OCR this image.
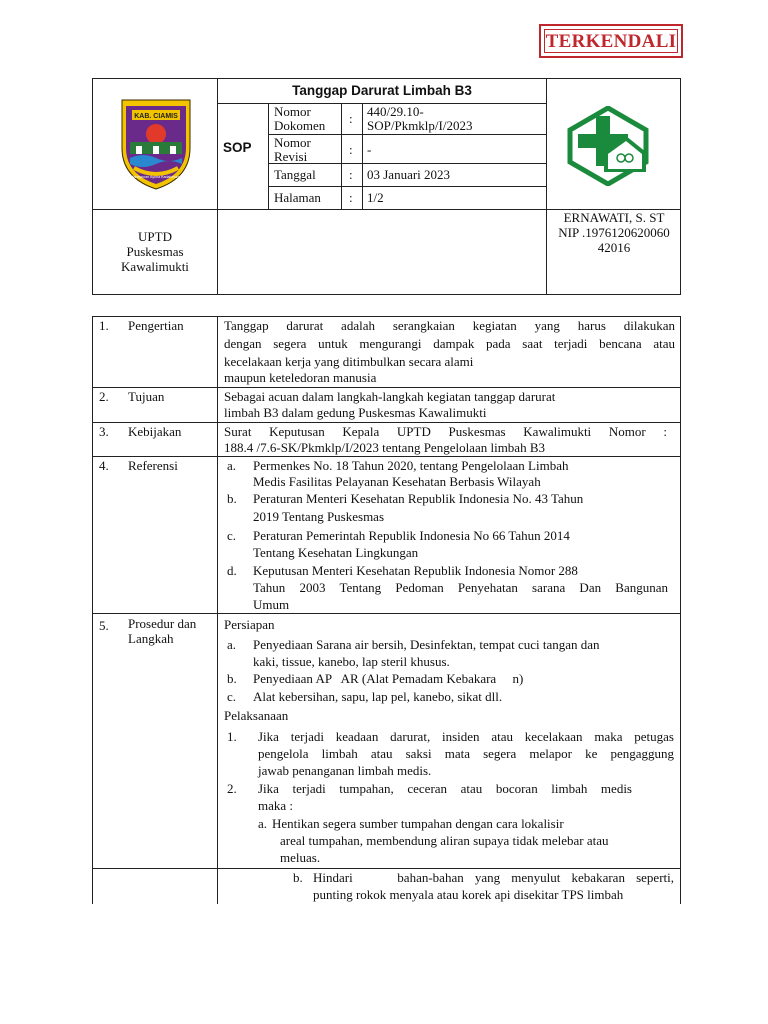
TERKENDALI
Tanggap Darurat Limbah B3
SOP
Nomor
Dokomen : 440/29.10-
SOP/Pkmklp/I/2023
Nomor
Revisi	: -
Tanggal	: 03 Januari 2023
Halaman : 1/2
UPTD
Puskesmas
Kawalimukti
ERNAWATI, S. ST
NIP .1976120620060
42016
KAB. CIAMIS
Mahayunan Ayuna Kadaluhuran
1. Pengertian	Tanggap darurat adalah serangkaian kegiatan yang harus dilakukan
dengan segera untuk mengurangi dampak pada saat terjadi bencana atau
kecelakaan kerja yang ditimbulkan secara alami
maupun keteledoran manusia
2. Tujuan	Sebagai acuan dalam langkah-langkah kegiatan tanggap darurat
limbah B3 dalam gedung Puskesmas Kawalimukti
3. Kebijakan	Surat Keputusan Kepala UPTD Puskesmas Kawalimukti Nomor :
188.4 /7.6-SK/Pkmklp/I/2023 tentang Pengelolaan limbah B3
4. Referensi	a. Permenkes No. 18 Tahun 2020, tentang Pengelolaan Limbah
Medis Fasilitas Pelayanan Kesehatan Berbasis Wilayah
b. Peraturan Menteri Kesehatan Republik Indonesia No. 43 Tahun
2019 Tentang Puskesmas
c. Peraturan Pemerintah Republik Indonesia No 66 Tahun 2014
Tentang Kesehatan Lingkungan
d. Keputusan Menteri Kesehatan Republik Indonesia Nomor 288
Tahun 2003 Tentang Pedoman Penyehatan sarana Dan Bangunan
Umum
5. Prosedur dan
Langkah
Persiapan
a. Penyediaan Sarana air bersih, Desinfektan, tempat cuci tangan dan
kaki, tissue, kanebo, lap steril khusus.
b. Penyediaan AP   AR (Alat Pemadam Kebakara     n)
c. Alat kebersihan, sapu, lap pel, kanebo, sikat dll.
Pelaksanaan
1. Jika terjadi keadaan darurat, insiden atau kecelakaan maka petugas
pengelola limbah atau saksi mata segera melapor ke pengaggung
jawab penanganan limbah medis.
2. Jika terjadi tumpahan, ceceran atau bocoran limbah medis
maka :
a. Hentikan segera sumber tumpahan dengan cara lokalisir
areal tumpahan, membendung aliran supaya tidak melebar atau
meluas.
b. Hindari    bahan-bahan yang menyulut kebakaran seperti,
punting rokok menyala atau korek api disekitar TPS limbah
